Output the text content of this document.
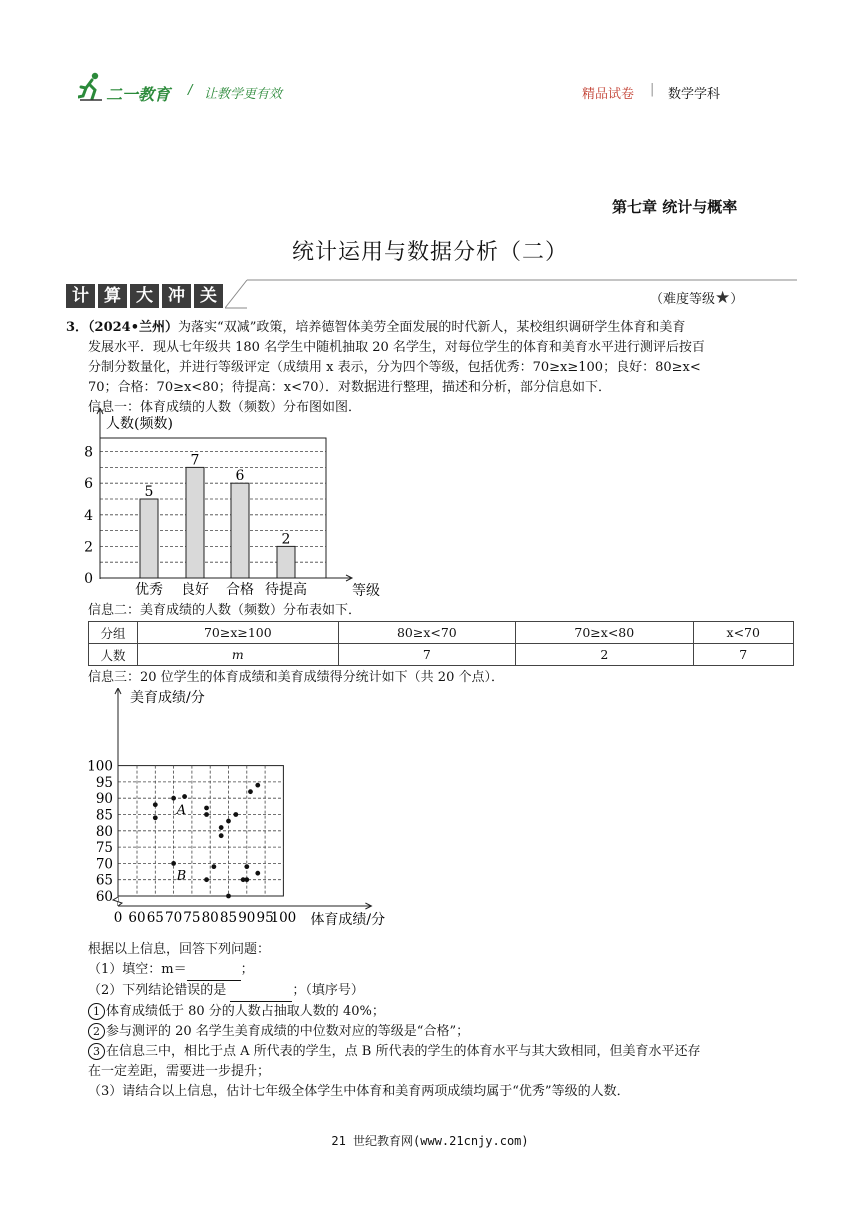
二一教育 / 让教学更有效	精品试卷 | 数学学科
第七章 统计与概率
统计运用与数据分析（二）
计 算 大 冲 关	（难度等级★）
3．（2024•兰州）为落实“双减”政策，培养德智体美劳全面发展的时代新人，某校组织调研学生体育和美育
发展水平．现从七年级共 180 名学生中随机抽取 20 名学生，对每位学生的体育和美育水平进行测评后按百
分制分数量化，并进行等级评定（成绩用 x 表示，分为四个等级，包括优秀：70≥x≥100；良好：80≥x<
70；合格：70≥x<80；待提高：x<70）．对数据进行整理，描述和分析，部分信息如下．
信息一：体育成绩的人数（频数）分布图如图．
人数(频数)
0
2
4
6
8
5
优秀
7
良好
6
合格
2
待提高	等级
信息二：美育成绩的人数（频数）分布表如下．
分组	70≥x≥100	80≥x<70	70≥x<80	x<70
人数	m	7	2	7
信息三：20 位学生的体育成绩和美育成绩得分统计如下（共 20 个点）．
美育成绩/分
60
65
70
75
80
85
90
95
100
0 60 65 70 75 80 85 90 95
100 体育成绩/分
A
B
根据以上信息，回答下列问题：
（1）填空：m＝	；
（2）下列结论错误的是	；（填序号）
1 体育成绩低于 80 分的人数占抽取人数的 40%；
2 参与测评的 20 名学生美育成绩的中位数对应的等级是“合格”；
3 在信息三中，相比于点 A 所代表的学生，点 B 所代表的学生的体育水平与其大致相同，但美育水平还存
在一定差距，需要进一步提升；
（3）请结合以上信息，估计七年级全体学生中体育和美育两项成绩均属于“优秀”等级的人数．
21 世纪教育网(www.21cnjy.com)
